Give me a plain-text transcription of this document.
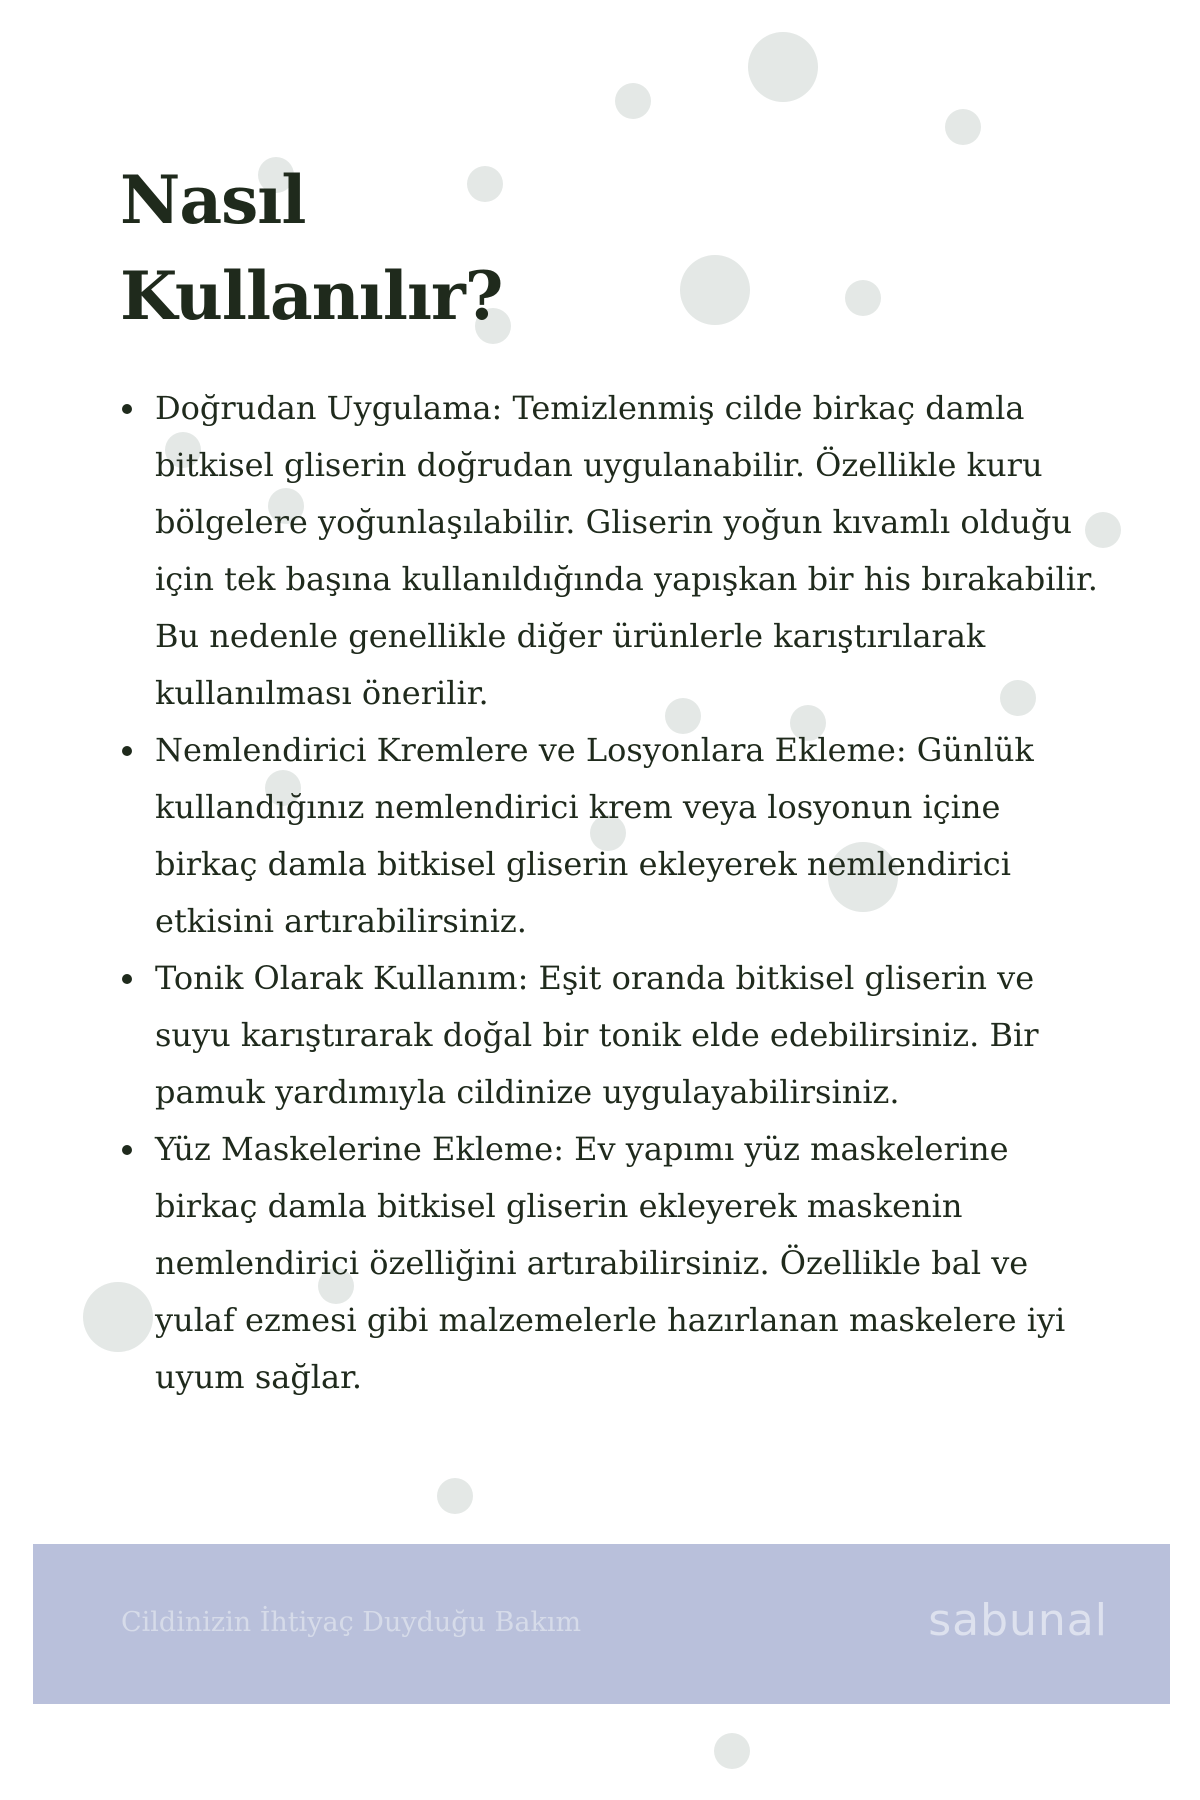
Nasıl
Kullanılır?
Doğrudan Uygulama: Temizlenmiş cilde birkaç damla bitkisel gliserin doğrudan uygulanabilir. Özellikle kuru bölgelere yoğunlaşılabilir. Gliserin yoğun kıvamlı olduğu için tek başına kullanıldığında yapışkan bir his bırakabilir. Bu nedenle genellikle diğer ürünlerle karıştırılarak kullanılması önerilir.
Nemlendirici Kremlere ve Losyonlara Ekleme: Günlük kullandığınız nemlendirici krem veya losyonun içine birkaç damla bitkisel gliserin ekleyerek nemlendirici etkisini artırabilirsiniz.
Tonik Olarak Kullanım: Eşit oranda bitkisel gliserin ve suyu karıştırarak doğal bir tonik elde edebilirsiniz. Bir pamuk yardımıyla cildinize uygulayabilirsiniz.
Yüz Maskelerine Ekleme: Ev yapımı yüz maskelerine birkaç damla bitkisel gliserin ekleyerek maskenin nemlendirici özelliğini artırabilirsiniz. Özellikle bal ve yulaf ezmesi gibi malzemelerle hazırlanan maskelere iyi uyum sağlar.
Cildinizin İhtiyaç Duyduğu Bakım	sabunal
